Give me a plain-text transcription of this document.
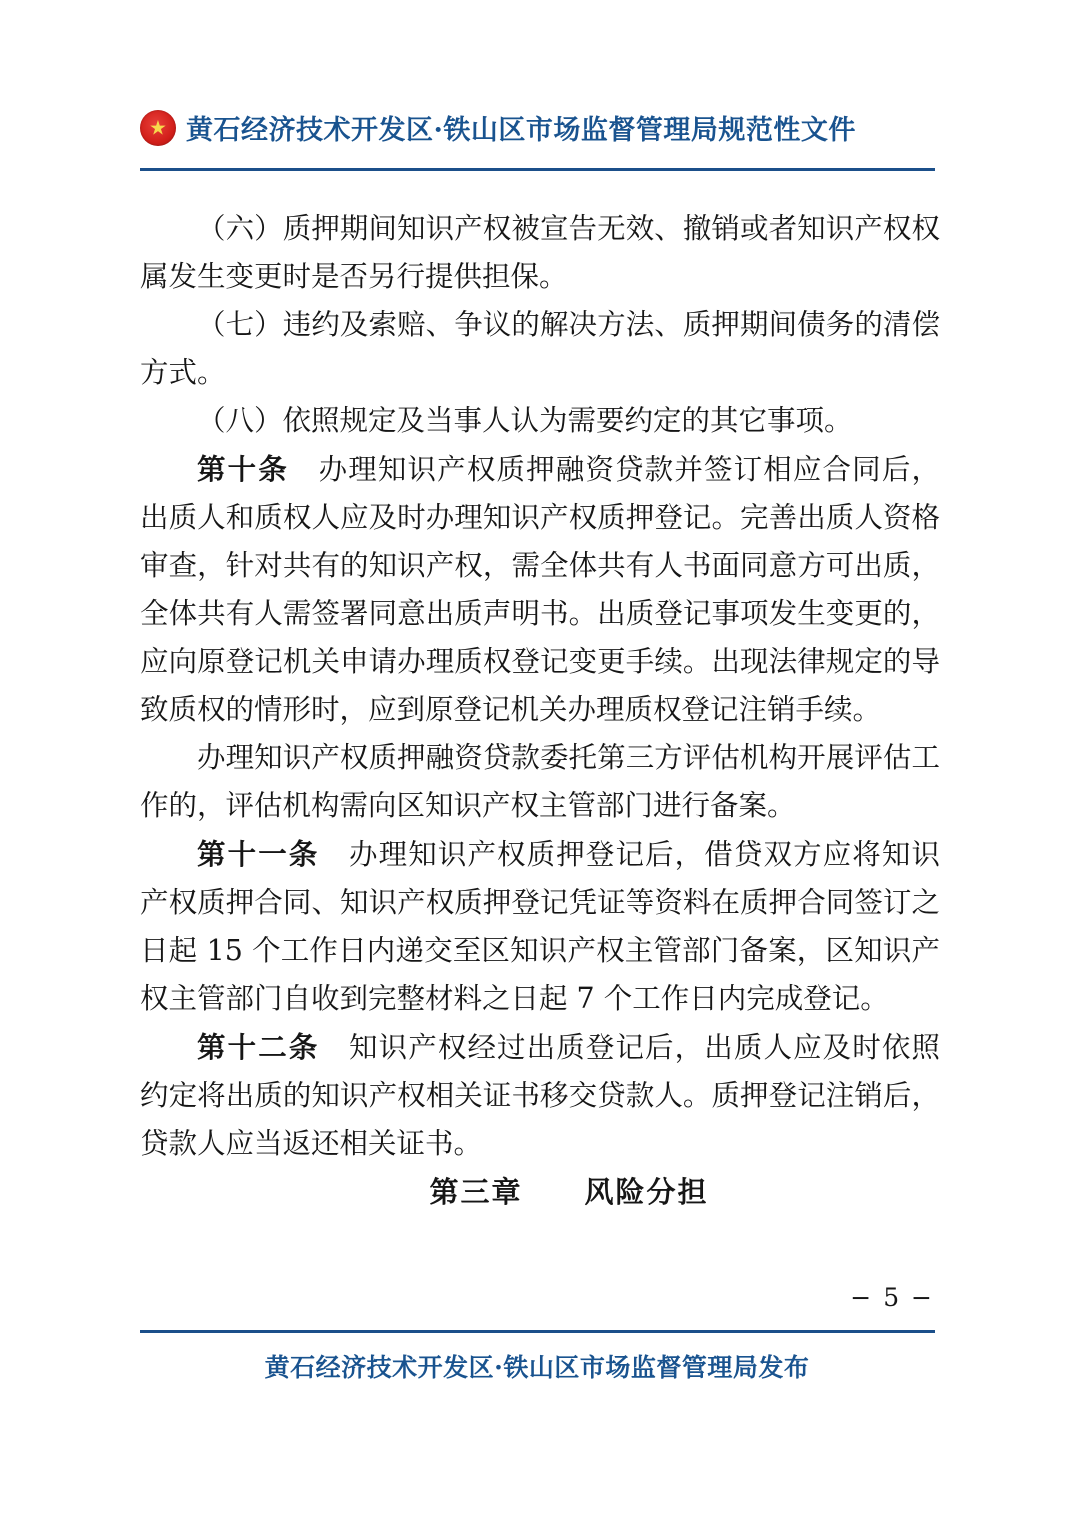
★
黄石经济技术开发区·铁山区市场监督管理局规范性文件

（六）质押期间知识产权被宣告无效、撤销或者知识产权权属发生变更时是否另行提供担保。

（七）违约及索赔、争议的解决方法、质押期间债务的清偿方式。

（八）依照规定及当事人认为需要约定的其它事项。

第十条　 办理知识产权质押融资贷款并签订相应合同后，出质人和质权人应及时办理知识产权质押登记。完善出质人资格审查，针对共有的知识产权，需全体共有人书面同意方可出质，全体共有人需签署同意出质声明书。出质登记事项发生变更的，应向原登记机关申请办理质权登记变更手续。出现法律规定的导致质权的情形时，应到原登记机关办理质权登记注销手续。

办理知识产权质押融资贷款委托第三方评估机构开展评估工作的，评估机构需向区知识产权主管部门进行备案。

第十一条　 办理知识产权质押登记后，借贷双方应将知识产权质押合同、知识产权质押登记凭证等资料在质押合同签订之日起 15 个工作日内递交至区知识产权主管部门备案，区知识产权主管部门自收到完整材料之日起 7 个工作日内完成登记。

第十二条　 知识产权经过出质登记后，出质人应及时依照约定将出质的知识产权相关证书移交贷款人。质押登记注销后，贷款人应当返还相关证书。

第三章　　风险分担

− 5 −
黄石经济技术开发区·铁山区市场监督管理局发布
